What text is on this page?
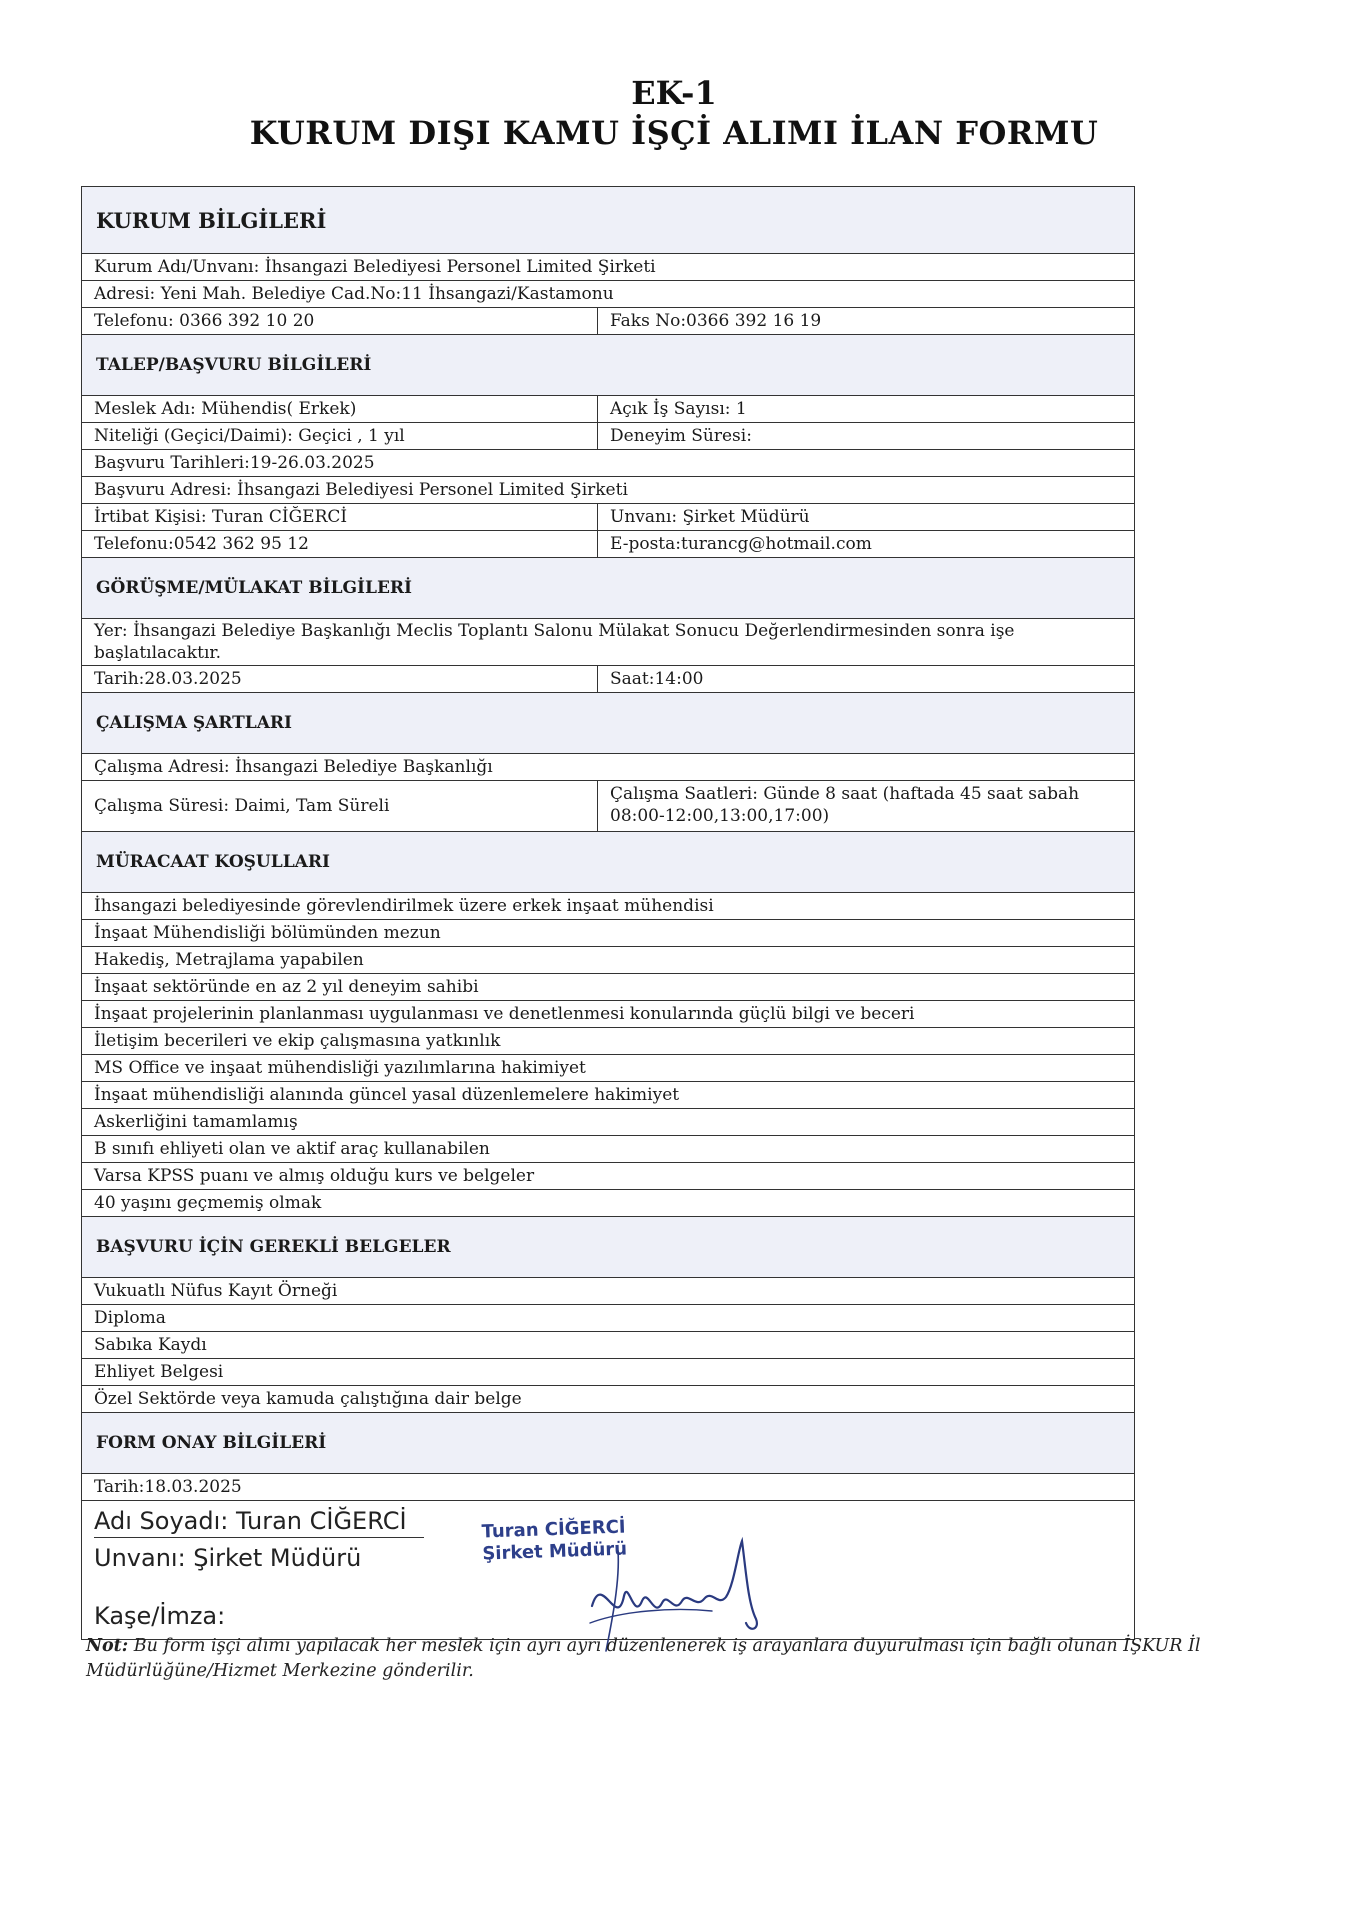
EK-1
KURUM DIŞI KAMU İŞÇİ ALIMI İLAN FORMU
KURUM BİLGİLERİ
Kurum Adı/Unvanı: İhsangazi Belediyesi Personel Limited Şirketi
Adresi: Yeni Mah. Belediye Cad.No:11 İhsangazi/Kastamonu
Telefonu: 0366 392 10 20	Faks No:0366 392 16 19
TALEP/BAŞVURU BİLGİLERİ
Meslek Adı: Mühendis( Erkek)	Açık İş Sayısı: 1
Niteliği (Geçici/Daimi): Geçici , 1 yıl	Deneyim Süresi:
Başvuru Tarihleri:19-26.03.2025
Başvuru Adresi: İhsangazi Belediyesi Personel Limited Şirketi
İrtibat Kişisi: Turan CİĞERCİ	Unvanı: Şirket Müdürü
Telefonu:0542 362 95 12	E-posta:turancg@hotmail.com
GÖRÜŞME/MÜLAKAT BİLGİLERİ
Yer: İhsangazi Belediye Başkanlığı Meclis Toplantı Salonu Mülakat Sonucu Değerlendirmesinden sonra işe başlatılacaktır.
Tarih:28.03.2025	Saat:14:00
ÇALIŞMA ŞARTLARI
Çalışma Adresi: İhsangazi Belediye Başkanlığı
Çalışma Süresi: Daimi, Tam Süreli
Çalışma Saatleri: Günde 8 saat (haftada 45 saat sabah 08:00-12:00,13:00,17:00)
MÜRACAAT KOŞULLARI
İhsangazi belediyesinde görevlendirilmek üzere erkek inşaat mühendisi
İnşaat Mühendisliği bölümünden mezun
Hakediş, Metrajlama yapabilen
İnşaat sektöründe en az 2 yıl deneyim sahibi
İnşaat projelerinin planlanması uygulanması ve denetlenmesi konularında güçlü bilgi ve beceri
İletişim becerileri ve ekip çalışmasına yatkınlık
MS Office ve inşaat mühendisliği yazılımlarına hakimiyet
İnşaat mühendisliği alanında güncel yasal düzenlemelere hakimiyet
Askerliğini tamamlamış
B sınıfı ehliyeti olan ve aktif araç kullanabilen
Varsa KPSS puanı ve almış olduğu kurs ve belgeler
40 yaşını geçmemiş olmak
BAŞVURU İÇİN GEREKLİ BELGELER
Vukuatlı Nüfus Kayıt Örneği
Diploma
Sabıka Kaydı
Ehliyet Belgesi
Özel Sektörde veya kamuda çalıştığına dair belge
FORM ONAY BİLGİLERİ
Tarih:18.03.2025
Adı Soyadı: Turan CİĞERCİ
Unvanı: Şirket Müdürü
Kaşe/İmza:
Turan CİĞERCİ
Şirket Müdürü
Not: Bu form işçi alımı yapılacak her meslek için ayrı ayrı düzenlenerek iş arayanlara duyurulması için bağlı olunan İŞKUR İl Müdürlüğüne/Hizmet Merkezine gönderilir.
